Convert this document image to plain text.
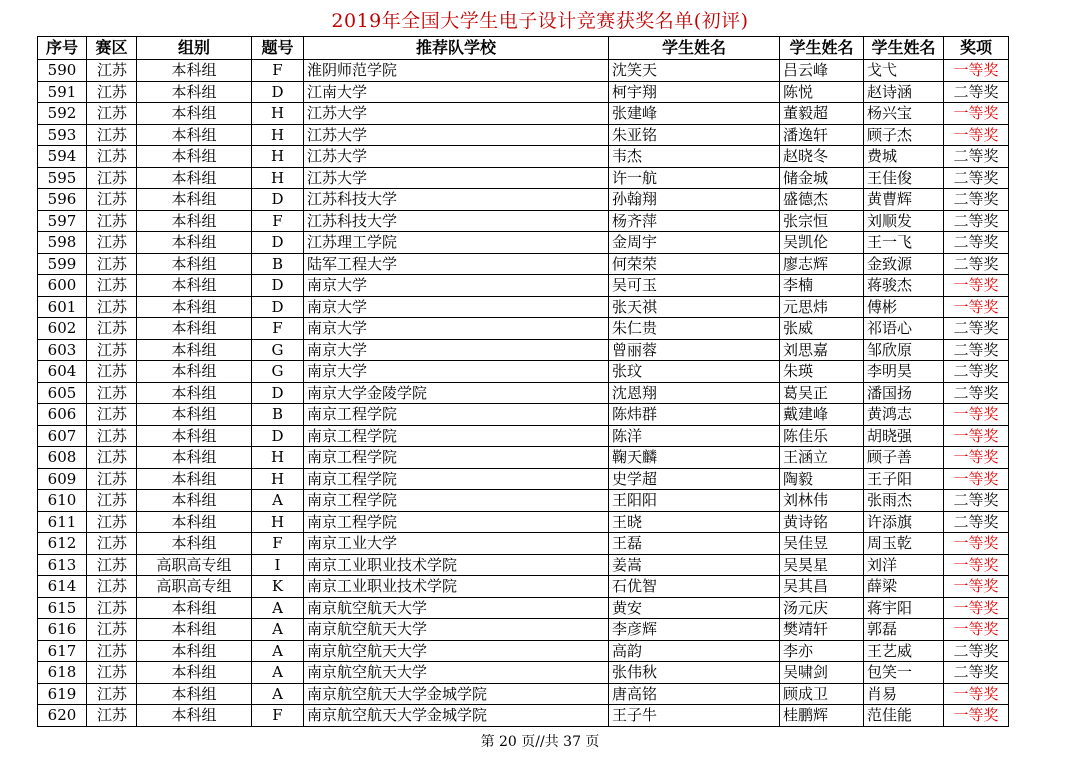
2019年全国大学生电子设计竞赛获奖名单(初评)
序号	赛区	组别	题号	推荐队学校	学生姓名	学生姓名	学生姓名	奖项
590	江苏	本科组	F	淮阴师范学院	沈笑天	吕云峰	戈弋	一等奖
591	江苏	本科组	D	江南大学	柯宇翔	陈悦	赵诗涵	二等奖
592	江苏	本科组	H	江苏大学	张建峰	董毅超	杨兴宝	一等奖
593	江苏	本科组	H	江苏大学	朱亚铭	潘逸轩	顾子杰	一等奖
594	江苏	本科组	H	江苏大学	韦杰	赵晓冬	费城	二等奖
595	江苏	本科组	H	江苏大学	许一航	储金城	王佳俊	二等奖
596	江苏	本科组	D	江苏科技大学	孙翰翔	盛德杰	黄曹辉	二等奖
597	江苏	本科组	F	江苏科技大学	杨齐萍	张宗恒	刘顺发	二等奖
598	江苏	本科组	D	江苏理工学院	金周宇	吴凯伦	王一飞	二等奖
599	江苏	本科组	B	陆军工程大学	何荣荣	廖志辉	金致源	二等奖
600	江苏	本科组	D	南京大学	吴可玉	李楠	蒋骏杰	一等奖
601	江苏	本科组	D	南京大学	张天祺	元思炜	傅彬	一等奖
602	江苏	本科组	F	南京大学	朱仁贵	张威	祁语心	二等奖
603	江苏	本科组	G	南京大学	曾丽蓉	刘思嘉	邹欣原	二等奖
604	江苏	本科组	G	南京大学	张玟	朱瑛	李明昊	二等奖
605	江苏	本科组	D	南京大学金陵学院	沈恩翔	葛吴正	潘国扬	二等奖
606	江苏	本科组	B	南京工程学院	陈炜群	戴建峰	黄鸿志	一等奖
607	江苏	本科组	D	南京工程学院	陈洋	陈佳乐	胡晓强	一等奖
608	江苏	本科组	H	南京工程学院	鞠天麟	王涵立	顾子善	一等奖
609	江苏	本科组	H	南京工程学院	史学超	陶毅	王子阳	一等奖
610	江苏	本科组	A	南京工程学院	王阳阳	刘林伟	张雨杰	二等奖
611	江苏	本科组	H	南京工程学院	王晓	黄诗铭	许添旗	二等奖
612	江苏	本科组	F	南京工业大学	王磊	吴佳昱	周玉乾	一等奖
613	江苏	高职高专组	I	南京工业职业技术学院	姜嵩	吴昊星	刘洋	一等奖
614	江苏	高职高专组	K	南京工业职业技术学院	石优智	吴其昌	薛梁	一等奖
615	江苏	本科组	A	南京航空航天大学	黄安	汤元庆	蒋宇阳	一等奖
616	江苏	本科组	A	南京航空航天大学	李彦辉	樊靖轩	郭磊	一等奖
617	江苏	本科组	A	南京航空航天大学	高韵	李亦	王艺威	二等奖
618	江苏	本科组	A	南京航空航天大学	张伟秋	吴啸剑	包笑一	二等奖
619	江苏	本科组	A	南京航空航天大学金城学院	唐高铭	顾成卫	肖易	一等奖
620	江苏	本科组	F	南京航空航天大学金城学院	王子牛	桂鹏辉	范佳能	一等奖
第 20 页//共 37 页
